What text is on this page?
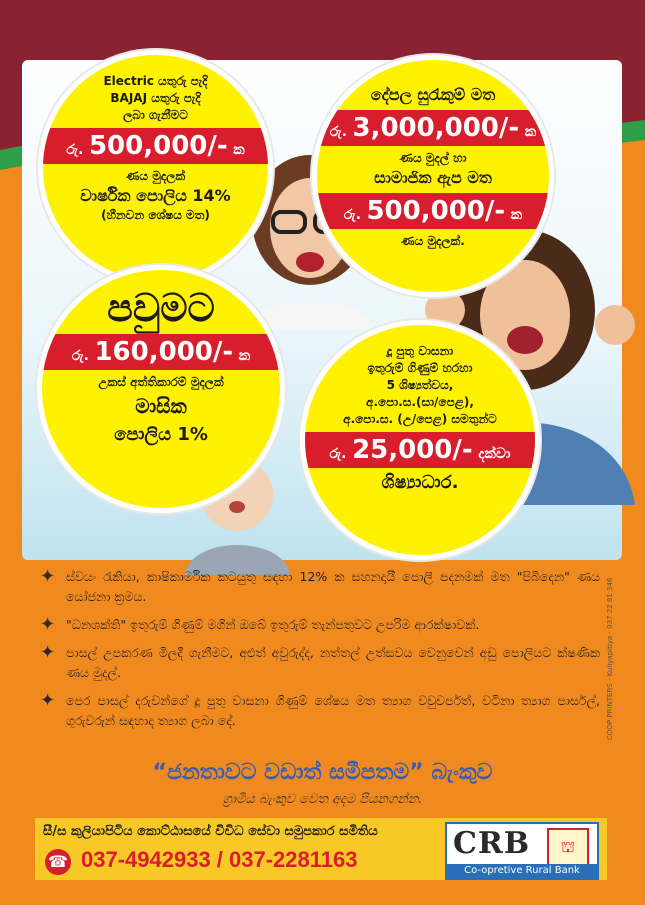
Electric යතුරු පැදි
BAJAJ යතුරු පැදි
ලබා ගැනීමට
රු. 500,000/- ක
ණය මුදලක්
වාර්ෂික පොලිය 14%
(හීනවන ශේෂය මත)
දේපල සුරැකුම් මත
රු. 3,000,000/- ක
ණය මුදල් හා
සාමාජික ඇප මත
රු. 500,000/- ක
ණය මුදලක්.
පවුමට
රු. 160,000/- ක
උකස් අත්තිකාරම් මුදලක්
මාසික
පොලිය 1%
දූ පුතු වාසනා
ඉතුරුම් ගිණුම් හරහා
5 ශිෂ්‍යත්වය,
අ.පො.ස.(සා/පෙළ),
අ.පො.ස. (උ/පෙළ) සමතුන්ට
රු. 25,000/- දක්වා
ශිෂ්‍යාධාර.
✦ ස්වයං රැකියා, කාෂිකාර්මික කටයුතු සඳහා 12% ක සහනදායී පොලී පදනමක් මත "පිබිදෙන" ණය යෝජනා ක්‍රමය.
✦ "ධනශක්ති" ඉතුරුම් ගිණුම් මගින් ඔබේ ඉතුරුම් තැන්පතුවට උපරිම ආරක්ෂාවක්.
✦ පාසල් උපකරණ මිලදී ගැනීමට, අළුත් අවුරුද්ද, නත්තල් උත්සවය වෙනුවෙන් අඩු පොලියට ක්ෂණික ණය මුදල්.
✦ පෙර පාසල් දරුවන්ගේ දූ පුතු වාසනා ගිණුම් ශේෂය මත ත්‍යාග වවුචර්පත්, වටිනා ත්‍යාග පාර්සල්, ගුරුවරුන් සඳහාද ත්‍යාග ලබා දේ.
“ජනතාවට වඩාත් සමීපතම” බැංකුව
ග්‍රාමීය බැංකුව වෙත අදම පියනගන්න.
සී/ස කුලියාපිටිය කොට්ඨාසයේ විවිධ සේවා සමුපකාර සමිතිය
☎ 037-4942933 / 037-2281163	CRB	⛫
Co-opretive Rural Bank
COOP PRINTERS - Kuliyapitiya - 037 22 81 346
